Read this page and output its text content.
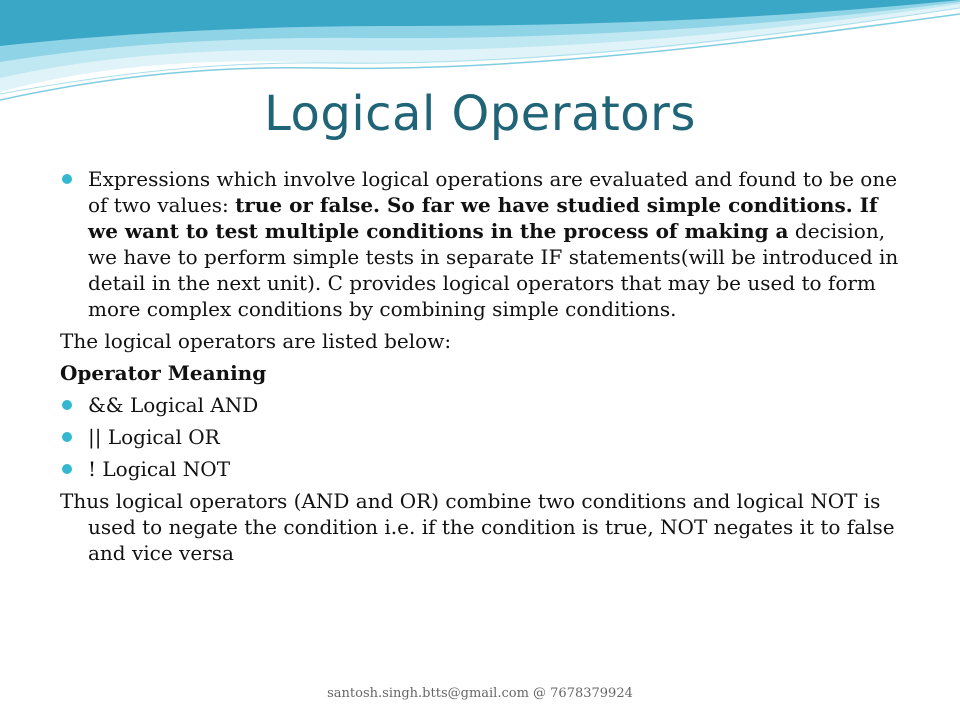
Logical Operators
Expressions which involve logical operations are evaluated and found to be one of two values: true or false. So far we have studied simple conditions. If we want to test multiple conditions in the process of making a decision, we have to perform simple tests in separate IF statements(will be introduced in detail in the next unit). C provides logical operators that may be used to form more complex conditions by combining simple conditions.
The logical operators are listed below:
Operator Meaning
&& Logical AND
|| Logical OR
! Logical NOT
Thus logical operators (AND and OR) combine two conditions and logical NOT is used to negate the condition i.e. if the condition is true, NOT negates it to false and vice versa
santosh.singh.btts@gmail.com @ 7678379924
